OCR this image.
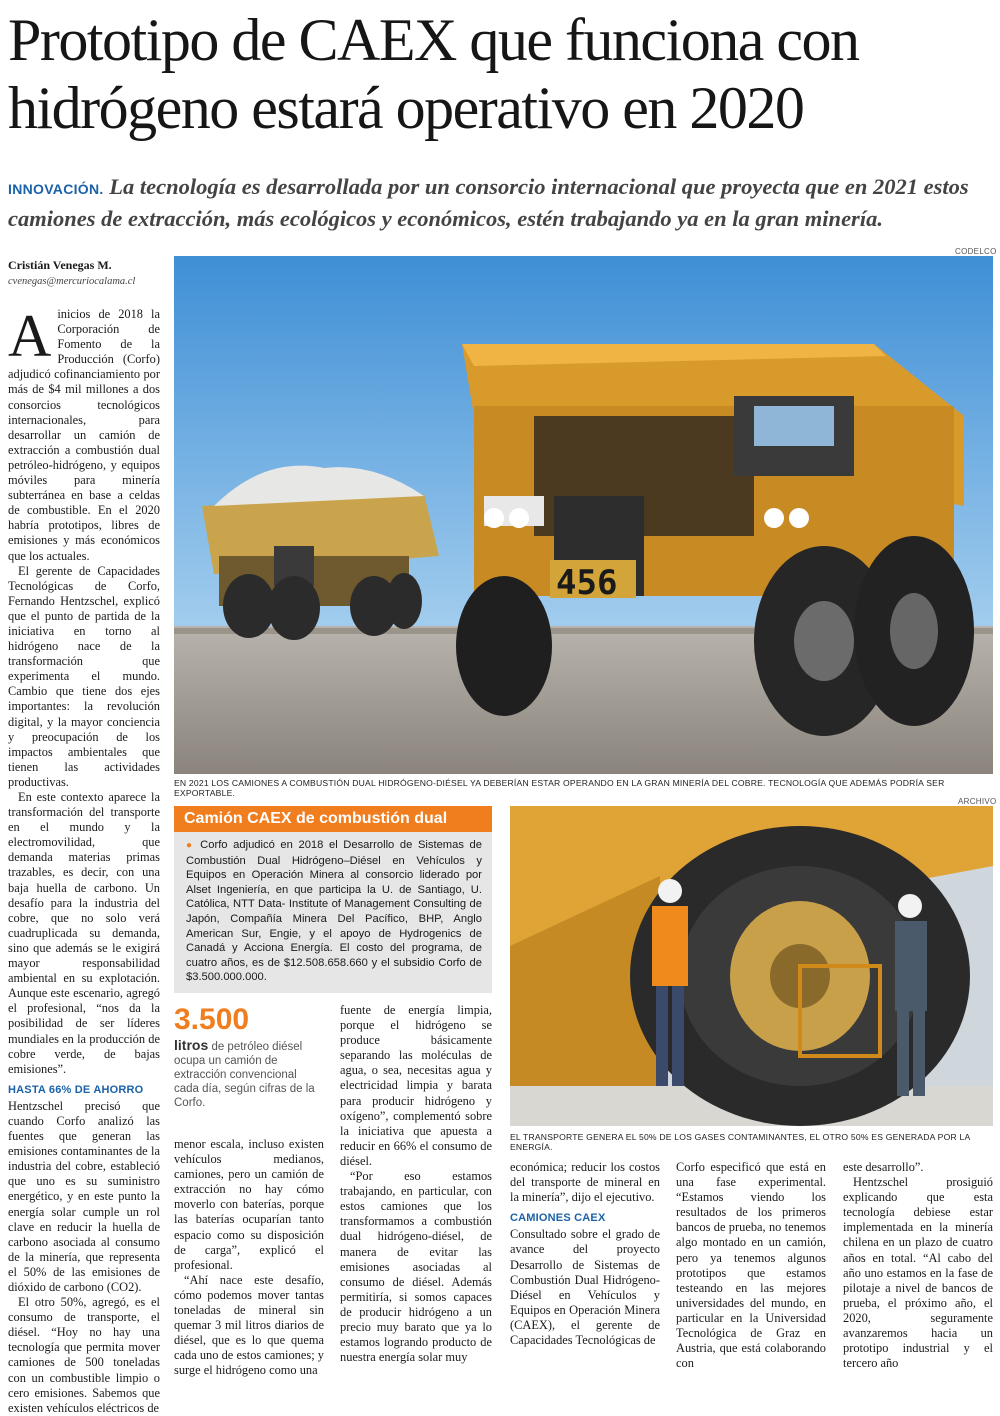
Prototipo de CAEX que funciona con hidrógeno estará operativo en 2020
INNOVACIÓN. La tecnología es desarrollada por un consorcio internacional que proyecta que en 2021 estos camiones de extracción, más ecológicos y económicos, estén trabajando ya en la gran minería.
Cristián Venegas M.
cvenegas@mercuriocalama.cl
CODELCO
456
EN 2021 LOS CAMIONES A COMBUSTIÓN DUAL HIDRÓGENO-DIÉSEL YA DEBERÍAN ESTAR OPERANDO EN LA GRAN MINERÍA DEL COBRE. TECNOLOGÍA QUE ADEMÁS PODRÍA SER EXPORTABLE.
Camión CAEX de combustión dual
● Corfo adjudicó en 2018 el Desarrollo de Sistemas de Combustión Dual Hidrógeno–Diésel en Vehículos y Equipos en Operación Minera al consorcio liderado por Alset Ingeniería, en que participa la U. de Santiago, U. Católica, NTT Data- Institute of Management Consulting de Japón, Compañía Minera Del Pacífico, BHP, Anglo American Sur, Engie, y el apoyo de Hydrogenics de Canadá y Acciona Energía. El costo del programa, de cuatro años, es de $12.508.658.660 y el subsidio Corfo de $3.500.000.000.
3.500
litros de petróleo diésel ocupa un camión de extracción convencional cada día, según cifras de la Corfo.
ARCHIVO
EL TRANSPORTE GENERA EL 50% DE LOS GASES CONTAMINANTES, EL OTRO 50% ES GENERADA POR LA ENERGÍA.

Ainicios de 2018 la Corporación de Fomento de la Producción (Corfo) adjudicó cofinanciamiento por más de $4 mil millones a dos consorcios tecnológicos internacionales, para desarrollar un camión de extracción a combustión dual petróleo-hidrógeno, y equipos móviles para minería subterránea en base a celdas de combustible. En el 2020 habría prototipos, libres de emisiones y más económicos que los actuales.

El gerente de Capacidades Tecnológicas de Corfo, Fernando Hentzschel, explicó que el punto de partida de la iniciativa en torno al hidrógeno nace de la transformación que experimenta el mundo. Cambio que tiene dos ejes importantes: la revolución digital, y la mayor conciencia y preocupación de los impactos ambientales que tienen las actividades productivas.

En este contexto aparece la transformación del transporte en el mundo y la electromovilidad, que demanda materias primas trazables, es decir, con una baja huella de carbono. Un desafío para la industria del cobre, que no solo verá cuadruplicada su demanda, sino que además se le exigirá mayor responsabilidad ambiental en su explotación. Aunque este escenario, agregó el profesional, “nos da la posibilidad de ser líderes mundiales en la producción de cobre verde, de bajas emisiones”.

HASTA 66% DE AHORRO

Hentzschel precisó que cuando Corfo analizó las fuentes que generan las emisiones contaminantes de la industria del cobre, estableció que uno es su suministro energético, y en este punto la energía solar cumple un rol clave en reducir la huella de carbono asociada al consumo de la minería, que representa el 50% de las emisiones de dióxido de carbono (CO2).

El otro 50%, agregó, es el consumo de transporte, el diésel. “Hoy no hay una tecnología que permita mover camiones de 500 toneladas con un combustible limpio o cero emisiones. Sabemos que existen vehículos eléctricos de

menor escala, incluso existen vehículos medianos, camiones, pero un camión de extracción no hay cómo moverlo con baterías, porque las baterías ocuparían tanto espacio como su disposición de carga”, explicó el profesional.

“Ahí nace este desafío, cómo podemos mover tantas toneladas de mineral sin quemar 3 mil litros diarios de diésel, que es lo que quema cada uno de estos camiones; y surge el hidrógeno como una

fuente de energía limpia, porque el hidrógeno se produce básicamente separando las moléculas de agua, o sea, necesitas agua y electricidad limpia y barata para producir hidrógeno y oxígeno”, complementó sobre la iniciativa que apuesta a reducir en 66% el consumo de diésel.

“Por eso estamos trabajando, en particular, con estos camiones que los transformamos a combustión dual hidrógeno-diésel, de manera de evitar las emisiones asociadas al consumo de diésel. Además permitiría, si somos capaces de producir hidrógeno a un precio muy barato que ya lo estamos logrando producto de nuestra energía solar muy

económica; reducir los costos del transporte de mineral en la minería”, dijo el ejecutivo.

CAMIONES CAEX

Consultado sobre el grado de avance del proyecto Desarrollo de Sistemas de Combustión Dual Hidrógeno-Diésel en Vehículos y Equipos en Operación Minera (CAEX), el gerente de Capacidades Tecnológicas de

Corfo especificó que está en una fase experimental. “Estamos viendo los resultados de los primeros bancos de prueba, no tenemos algo montado en un camión, pero ya tenemos algunos prototipos que estamos testeando en las mejores universidades del mundo, en particular en la Universidad Tecnológica de Graz en Austria, que está colaborando con

este desarrollo”.

Hentzschel prosiguió explicando que esta tecnología debiese estar implementada en la minería chilena en un plazo de cuatro años en total. “Al cabo del año uno estamos en la fase de pilotaje a nivel de bancos de prueba, el próximo año, el 2020, seguramente avanzaremos hacia un prototipo industrial y el tercero año
